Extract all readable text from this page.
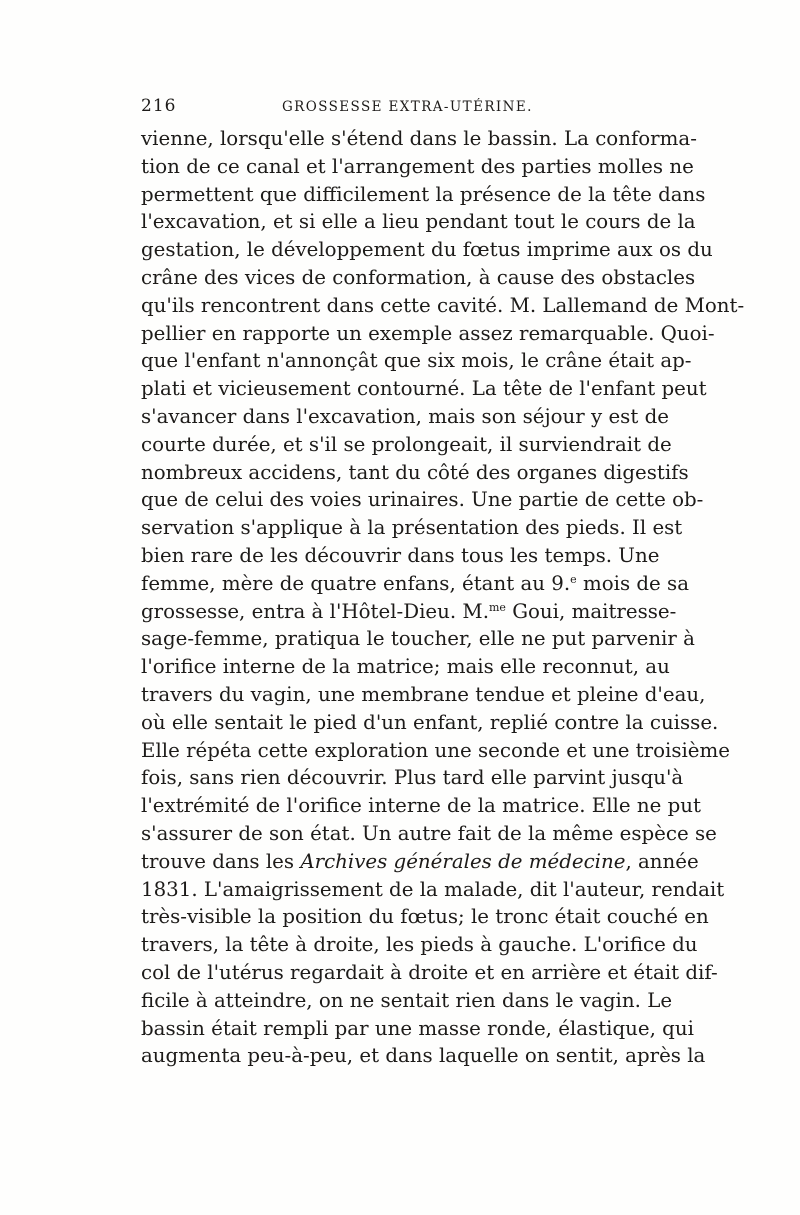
216	GROSSESSE EXTRA-UTÉRINE.
vienne, lorsqu'elle s'étend dans le bassin. La conforma-
tion de ce canal et l'arrangement des parties molles ne
permettent que difficilement la présence de la tête dans
l'excavation, et si elle a lieu pendant tout le cours de la
gestation, le développement du fœtus imprime aux os du
crâne des vices de conformation, à cause des obstacles
qu'ils rencontrent dans cette cavité. M. Lallemand de Mont-
pellier en rapporte un exemple assez remarquable. Quoi-
que l'enfant n'annonçât que six mois, le crâne était ap-
plati et vicieusement contourné. La tête de l'enfant peut
s'avancer dans l'excavation, mais son séjour y est de
courte durée, et s'il se prolongeait, il surviendrait de
nombreux accidens, tant du côté des organes digestifs
que de celui des voies urinaires. Une partie de cette ob-
servation s'applique à la présentation des pieds. Il est
bien rare de les découvrir dans tous les temps. Une
femme, mère de quatre enfans, étant au 9.$^e$ mois de sa
grossesse, entra à l'Hôtel-Dieu. M.$^{me}$ Goui, maitresse-
sage-femme, pratiqua le toucher, elle ne put parvenir à
l'orifice interne de la matrice; mais elle reconnut, au
travers du vagin, une membrane tendue et pleine d'eau,
où elle sentait le pied d'un enfant, replié contre la cuisse.
Elle répéta cette exploration une seconde et une troisième
fois, sans rien découvrir. Plus tard elle parvint jusqu'à
l'extrémité de l'orifice interne de la matrice. Elle ne put
s'assurer de son état. Un autre fait de la même espèce se
trouve dans les Archives générales de médecine, année
1831. L'amaigrissement de la malade, dit l'auteur, rendait
très-visible la position du fœtus; le tronc était couché en
travers, la tête à droite, les pieds à gauche. L'orifice du
col de l'utérus regardait à droite et en arrière et était dif-
ficile à atteindre, on ne sentait rien dans le vagin. Le
bassin était rempli par une masse ronde, élastique, qui
augmenta peu-à-peu, et dans laquelle on sentit, après la
